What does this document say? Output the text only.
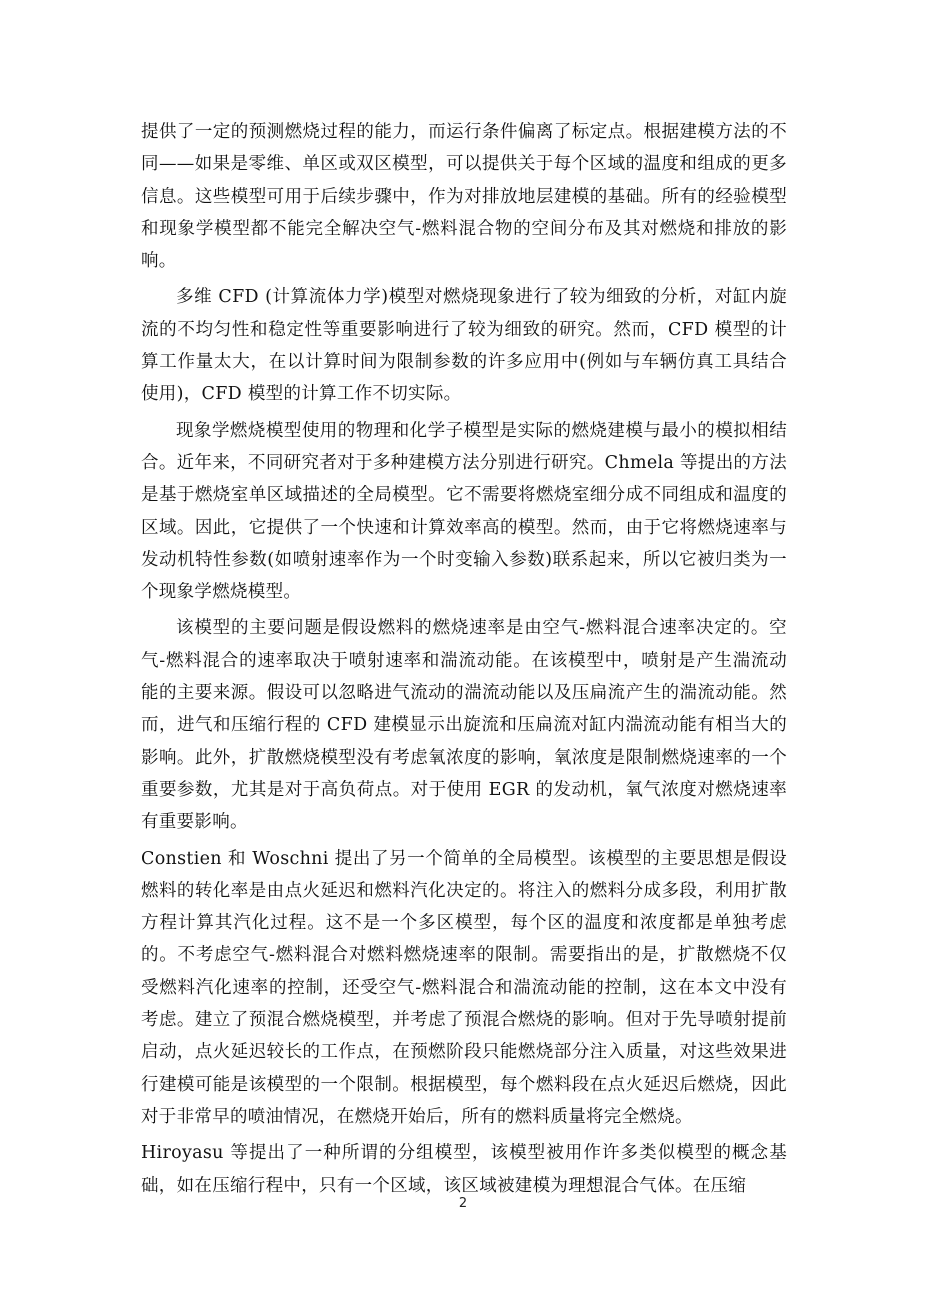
提供了一定的预测燃烧过程的能力，而运行条件偏离了标定点。根据建模方法的不同——如果是零维、单区或双区模型，可以提供关于每个区域的温度和组成的更多信息。这些模型可用于后续步骤中，作为对排放地层建模的基础。所有的经验模型和现象学模型都不能完全解决空气-燃料混合物的空间分布及其对燃烧和排放的影响。

多维 CFD (计算流体力学)模型对燃烧现象进行了较为细致的分析，对缸内旋流的不均匀性和稳定性等重要影响进行了较为细致的研究。然而，CFD 模型的计算工作量太大，在以计算时间为限制参数的许多应用中(例如与车辆仿真工具结合使用)，CFD 模型的计算工作不切实际。

现象学燃烧模型使用的物理和化学子模型是实际的燃烧建模与最小的模拟相结合。近年来，不同研究者对于多种建模方法分别进行研究。Chmela 等提出的方法是基于燃烧室单区域描述的全局模型。它不需要将燃烧室细分成不同组成和温度的区域。因此，它提供了一个快速和计算效率高的模型。然而，由于它将燃烧速率与发动机特性参数(如喷射速率作为一个时变输入参数)联系起来，所以它被归类为一个现象学燃烧模型。

该模型的主要问题是假设燃料的燃烧速率是由空气-燃料混合速率决定的。空气-燃料混合的速率取决于喷射速率和湍流动能。在该模型中，喷射是产生湍流动能的主要来源。假设可以忽略进气流动的湍流动能以及压扁流产生的湍流动能。然而，进气和压缩行程的 CFD 建模显示出旋流和压扁流对缸内湍流动能有相当大的影响。此外，扩散燃烧模型没有考虑氧浓度的影响，氧浓度是限制燃烧速率的一个重要参数，尤其是对于高负荷点。对于使用 EGR 的发动机，氧气浓度对燃烧速率有重要影响。

Constien 和 Woschni 提出了另一个简单的全局模型。该模型的主要思想是假设燃料的转化率是由点火延迟和燃料汽化决定的。将注入的燃料分成多段，利用扩散方程计算其汽化过程。这不是一个多区模型，每个区的温度和浓度都是单独考虑的。不考虑空气-燃料混合对燃料燃烧速率的限制。需要指出的是，扩散燃烧不仅受燃料汽化速率的控制，还受空气-燃料混合和湍流动能的控制，这在本文中没有考虑。建立了预混合燃烧模型，并考虑了预混合燃烧的影响。但对于先导喷射提前启动，点火延迟较长的工作点，在预燃阶段只能燃烧部分注入质量，对这些效果进行建模可能是该模型的一个限制。根据模型，每个燃料段在点火延迟后燃烧，因此对于非常早的喷油情况，在燃烧开始后，所有的燃料质量将完全燃烧。

Hiroyasu 等提出了一种所谓的分组模型，该模型被用作许多类似模型的概念基础，如在压缩行程中，只有一个区域，该区域被建模为理想混合气体。在压缩

2
